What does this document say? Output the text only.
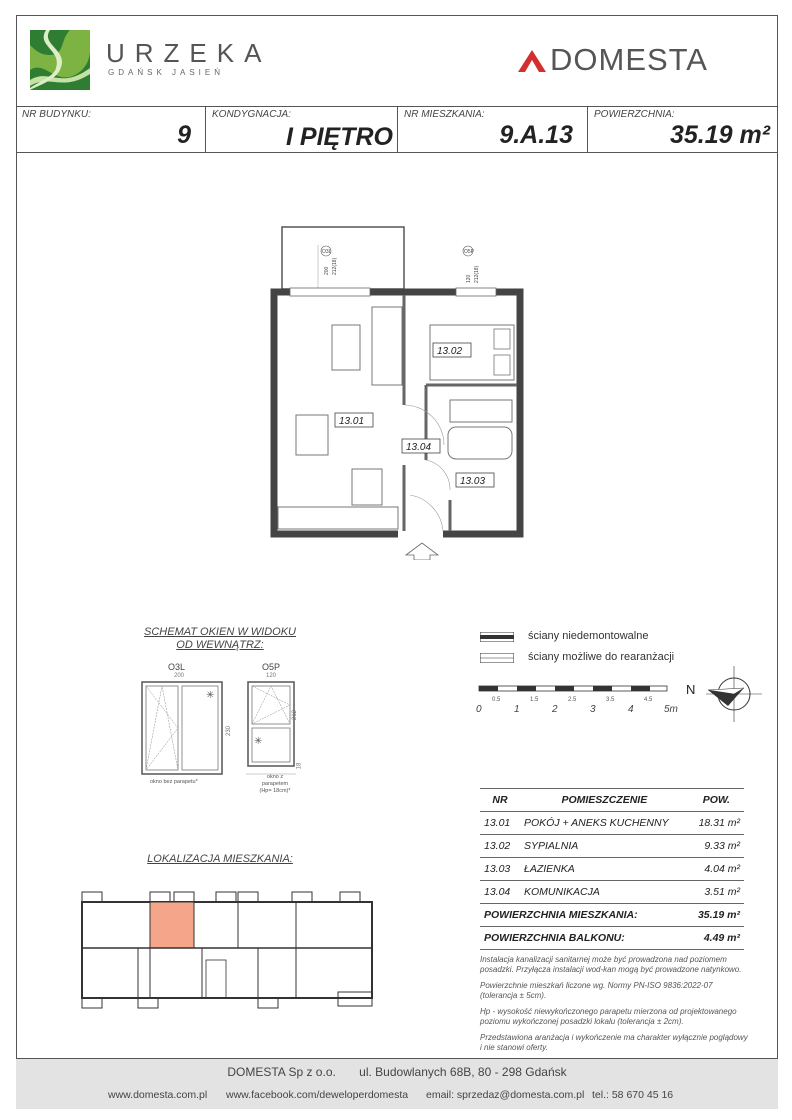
URZEKA
GDAŃSK JASIEŃ	DOMESTA
NR BUDYNKU:
9
KONDYGNACJA:
I PIĘTRO
NR MIESZKANIA:
9.A.13
POWIERZCHNIA:
35.19 m²
O3L
200 212(18)
O5P
120 212(18)
13.02
13.01
13.04
13.03
SCHEMAT OKIEN W WIDOKU
OD WEWNĄTRZ:
O3L
200
✳
230
okno bez parapetu*
O5P
120
✳
212
18
okno z parapetem
(Hp= 18cm)*
ściany niedemontowalne
ściany możliwe do rearanżacji
0.5	1.5	2.5	3.5	4.5
0	1	2	3	4	5m
N
LOKALIZACJA MIESZKANIA:
NR	POMIESZCZENIE	POW.
13.01	POKÓJ + ANEKS KUCHENNY	18.31 m²
13.02	SYPIALNIA	9.33 m²
13.03	ŁAZIENKA	4.04 m²
13.04	KOMUNIKACJA	3.51 m²
POWIERZCHNIA MIESZKANIA:		35.19 m²
POWIERZCHNIA BALKONU:		4.49 m²

Instalacja kanalizacji sanitarnej może być prowadzona nad poziomem posadzki. Przyłącza instalacji wod-kan mogą być prowadzone natynkowo.

Powierzchnie mieszkań liczone wg. Normy PN-ISO 9836:2022-07 (tolerancja ± 5cm).

Hp - wysokość niewykończonego parapetu mierzona od projektowanego poziomu wykończonej posadzki lokalu (tolerancja ± 2cm).

Przedstawiona aranżacja i wykończenie ma charakter wyłącznie poglądowy i nie stanowi oferty.

DOMESTA Sp z o.o. ul. Budowlanych 68B, 80 - 298 Gdańsk
www.domesta.com.pl www.facebook.com/deweloperdomesta email: sprzedaz@domesta.com.pl tel.: 58 670 45 16
